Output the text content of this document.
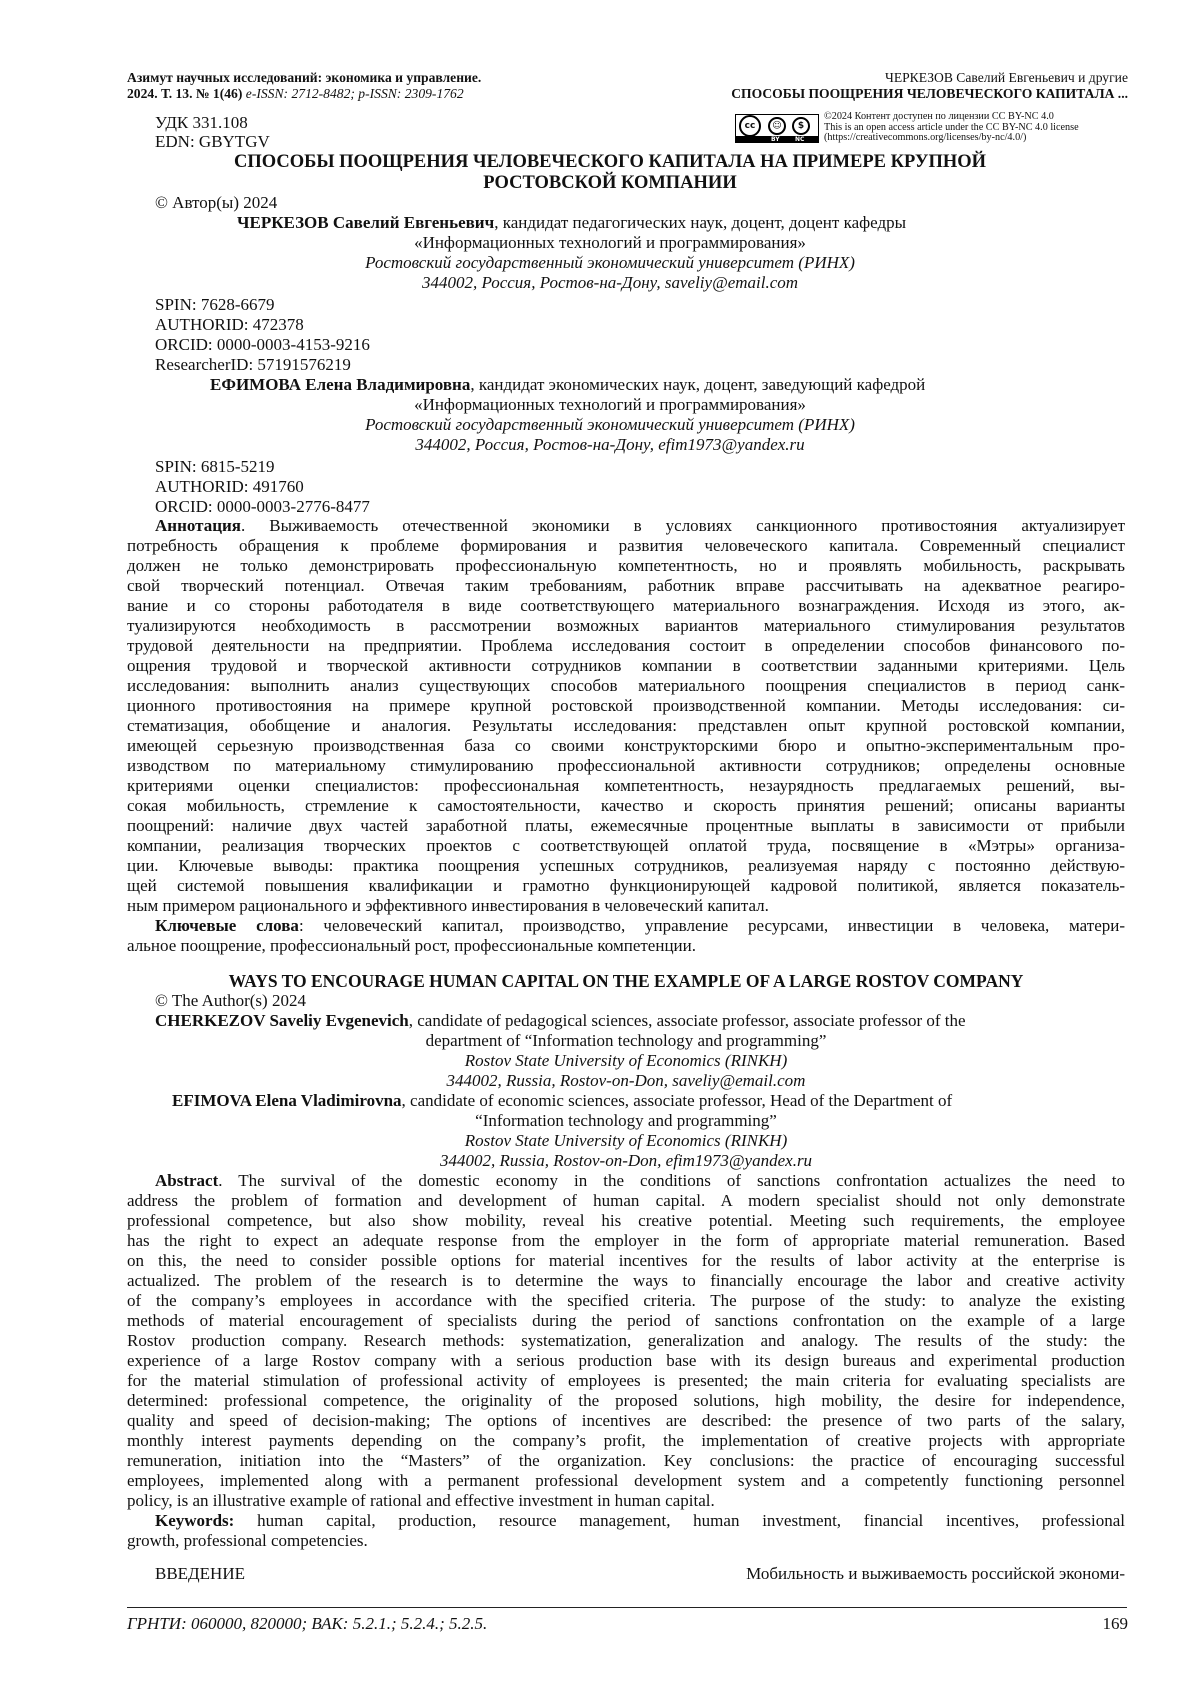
Азимут научных исследований: экономика и управление.
2024. Т. 13. № 1(46) e-ISSN: 2712-8482; p-ISSN: 2309-1762
ЧЕРКЕЗОВ Савелий Евгеньевич и другие
СПОСОБЫ ПООЩРЕНИЯ ЧЕЛОВЕЧЕСКОГО КАПИТАЛА ...
УДК 331.108
EDN: GBYTGV
cc	☺	$
BY	NC
©2024 Контент доступен по лицензии CC BY-NC 4.0
This is an open access article under the CC BY-NC 4.0 license
(https://creativecommons.org/licenses/by-nc/4.0/)
СПОСОБЫ ПООЩРЕНИЯ ЧЕЛОВЕЧЕСКОГО КАПИТАЛА НА ПРИМЕРЕ КРУПНОЙ
РОСТОВСКОЙ КОМПАНИИ
© Автор(ы) 2024
ЧЕРКЕЗОВ Савелий Евгеньевич, кандидат педагогических наук, доцент, доцент кафедры
«Информационных технологий и программирования»
Ростовский государственный экономический университет (РИНХ)
344002, Россия, Ростов-на-Дону, saveliy@email.com
SPIN: 7628-6679
AUTHORID: 472378
ORCID: 0000-0003-4153-9216
ResearcherID: 57191576219
ЕФИМОВА Елена Владимировна, кандидат экономических наук, доцент, заведующий кафедрой
«Информационных технологий и программирования»
Ростовский государственный экономический университет (РИНХ)
344002, Россия, Ростов-на-Дону, efim1973@yandex.ru
SPIN: 6815-5219
AUTHORID: 491760
ORCID: 0000-0003-2776-8477
Аннотация. Выживаемость отечественной экономики в условиях санкционного противостояния актуализирует
потребность обращения к проблеме формирования и развития человеческого капитала. Современный специалист
должен не только демонстрировать профессиональную компетентность, но и проявлять мобильность, раскрывать
свой творческий потенциал. Отвечая таким требованиям, работник вправе рассчитывать на адекватное реагиро-
вание и со стороны работодателя в виде соответствующего материального вознаграждения. Исходя из этого, ак-
туализируются необходимость в рассмотрении возможных вариантов материального стимулирования результатов
трудовой деятельности на предприятии. Проблема исследования состоит в определении способов финансового по-
ощрения трудовой и творческой активности сотрудников компании в соответствии заданными критериями. Цель
исследования: выполнить анализ существующих способов материального поощрения специалистов в период санк-
ционного противостояния на примере крупной ростовской производственной компании. Методы исследования: си-
стематизация, обобщение и аналогия. Результаты исследования: представлен опыт крупной ростовской компании,
имеющей серьезную производственная база со своими конструкторскими бюро и опытно-экспериментальным про-
изводством по материальному стимулированию профессиональной активности сотрудников; определены основные
критериями оценки специалистов: профессиональная компетентность, незаурядность предлагаемых решений, вы-
сокая мобильность, стремление к самостоятельности, качество и скорость принятия решений; описаны варианты
поощрений: наличие двух частей заработной платы, ежемесячные процентные выплаты в зависимости от прибыли
компании, реализация творческих проектов с соответствующей оплатой труда, посвящение в «Мэтры» организа-
ции. Ключевые выводы: практика поощрения успешных сотрудников, реализуемая наряду с постоянно действую-
щей системой повышения квалификации и грамотно функционирующей кадровой политикой, является показатель-
ным примером рационального и эффективного инвестирования в человеческий капитал.
Ключевые слова: человеческий капитал, производство, управление ресурсами, инвестиции в человека, матери-
альное поощрение, профессиональный рост, профессиональные компетенции.
WAYS TO ENCOURAGE HUMAN CAPITAL ON THE EXAMPLE OF A LARGE ROSTOV COMPANY
© The Author(s) 2024
CHERKEZOV Saveliy Evgenevich, candidate of pedagogical sciences, associate professor, associate professor of the
department of “Information technology and programming”
Rostov State University of Economics (RINKH)
344002, Russia, Rostov-on-Don, saveliy@email.com
EFIMOVA Elena Vladimirovna, candidate of economic sciences, associate professor, Head of the Department of
“Information technology and programming”
Rostov State University of Economics (RINKH)
344002, Russia, Rostov-on-Don, efim1973@yandex.ru
Abstract. The survival of the domestic economy in the conditions of sanctions confrontation actualizes the need to
address the problem of formation and development of human capital. A modern specialist should not only demonstrate
professional competence, but also show mobility, reveal his creative potential. Meeting such requirements, the employee
has the right to expect an adequate response from the employer in the form of appropriate material remuneration. Based
on this, the need to consider possible options for material incentives for the results of labor activity at the enterprise is
actualized. The problem of the research is to determine the ways to financially encourage the labor and creative activity
of the company’s employees in accordance with the specified criteria. The purpose of the study: to analyze the existing
methods of material encouragement of specialists during the period of sanctions confrontation on the example of a large
Rostov production company. Research methods: systematization, generalization and analogy. The results of the study: the
experience of a large Rostov company with a serious production base with its design bureaus and experimental production
for the material stimulation of professional activity of employees is presented; the main criteria for evaluating specialists are
determined: professional competence, the originality of the proposed solutions, high mobility, the desire for independence,
quality and speed of decision-making; The options of incentives are described: the presence of two parts of the salary,
monthly interest payments depending on the company’s profit, the implementation of creative projects with appropriate
remuneration, initiation into the “Masters” of the organization. Key conclusions: the practice of encouraging successful
employees, implemented along with a permanent professional development system and a competently functioning personnel
policy, is an illustrative example of rational and effective investment in human capital.
Keywords: human capital, production, resource management, human investment, financial incentives, professional
growth, professional competencies.
ВВЕДЕНИЕ	Мобильность и выживаемость российской экономи-
ГРНТИ: 060000, 820000; ВАК: 5.2.1.; 5.2.4.; 5.2.5.	169
